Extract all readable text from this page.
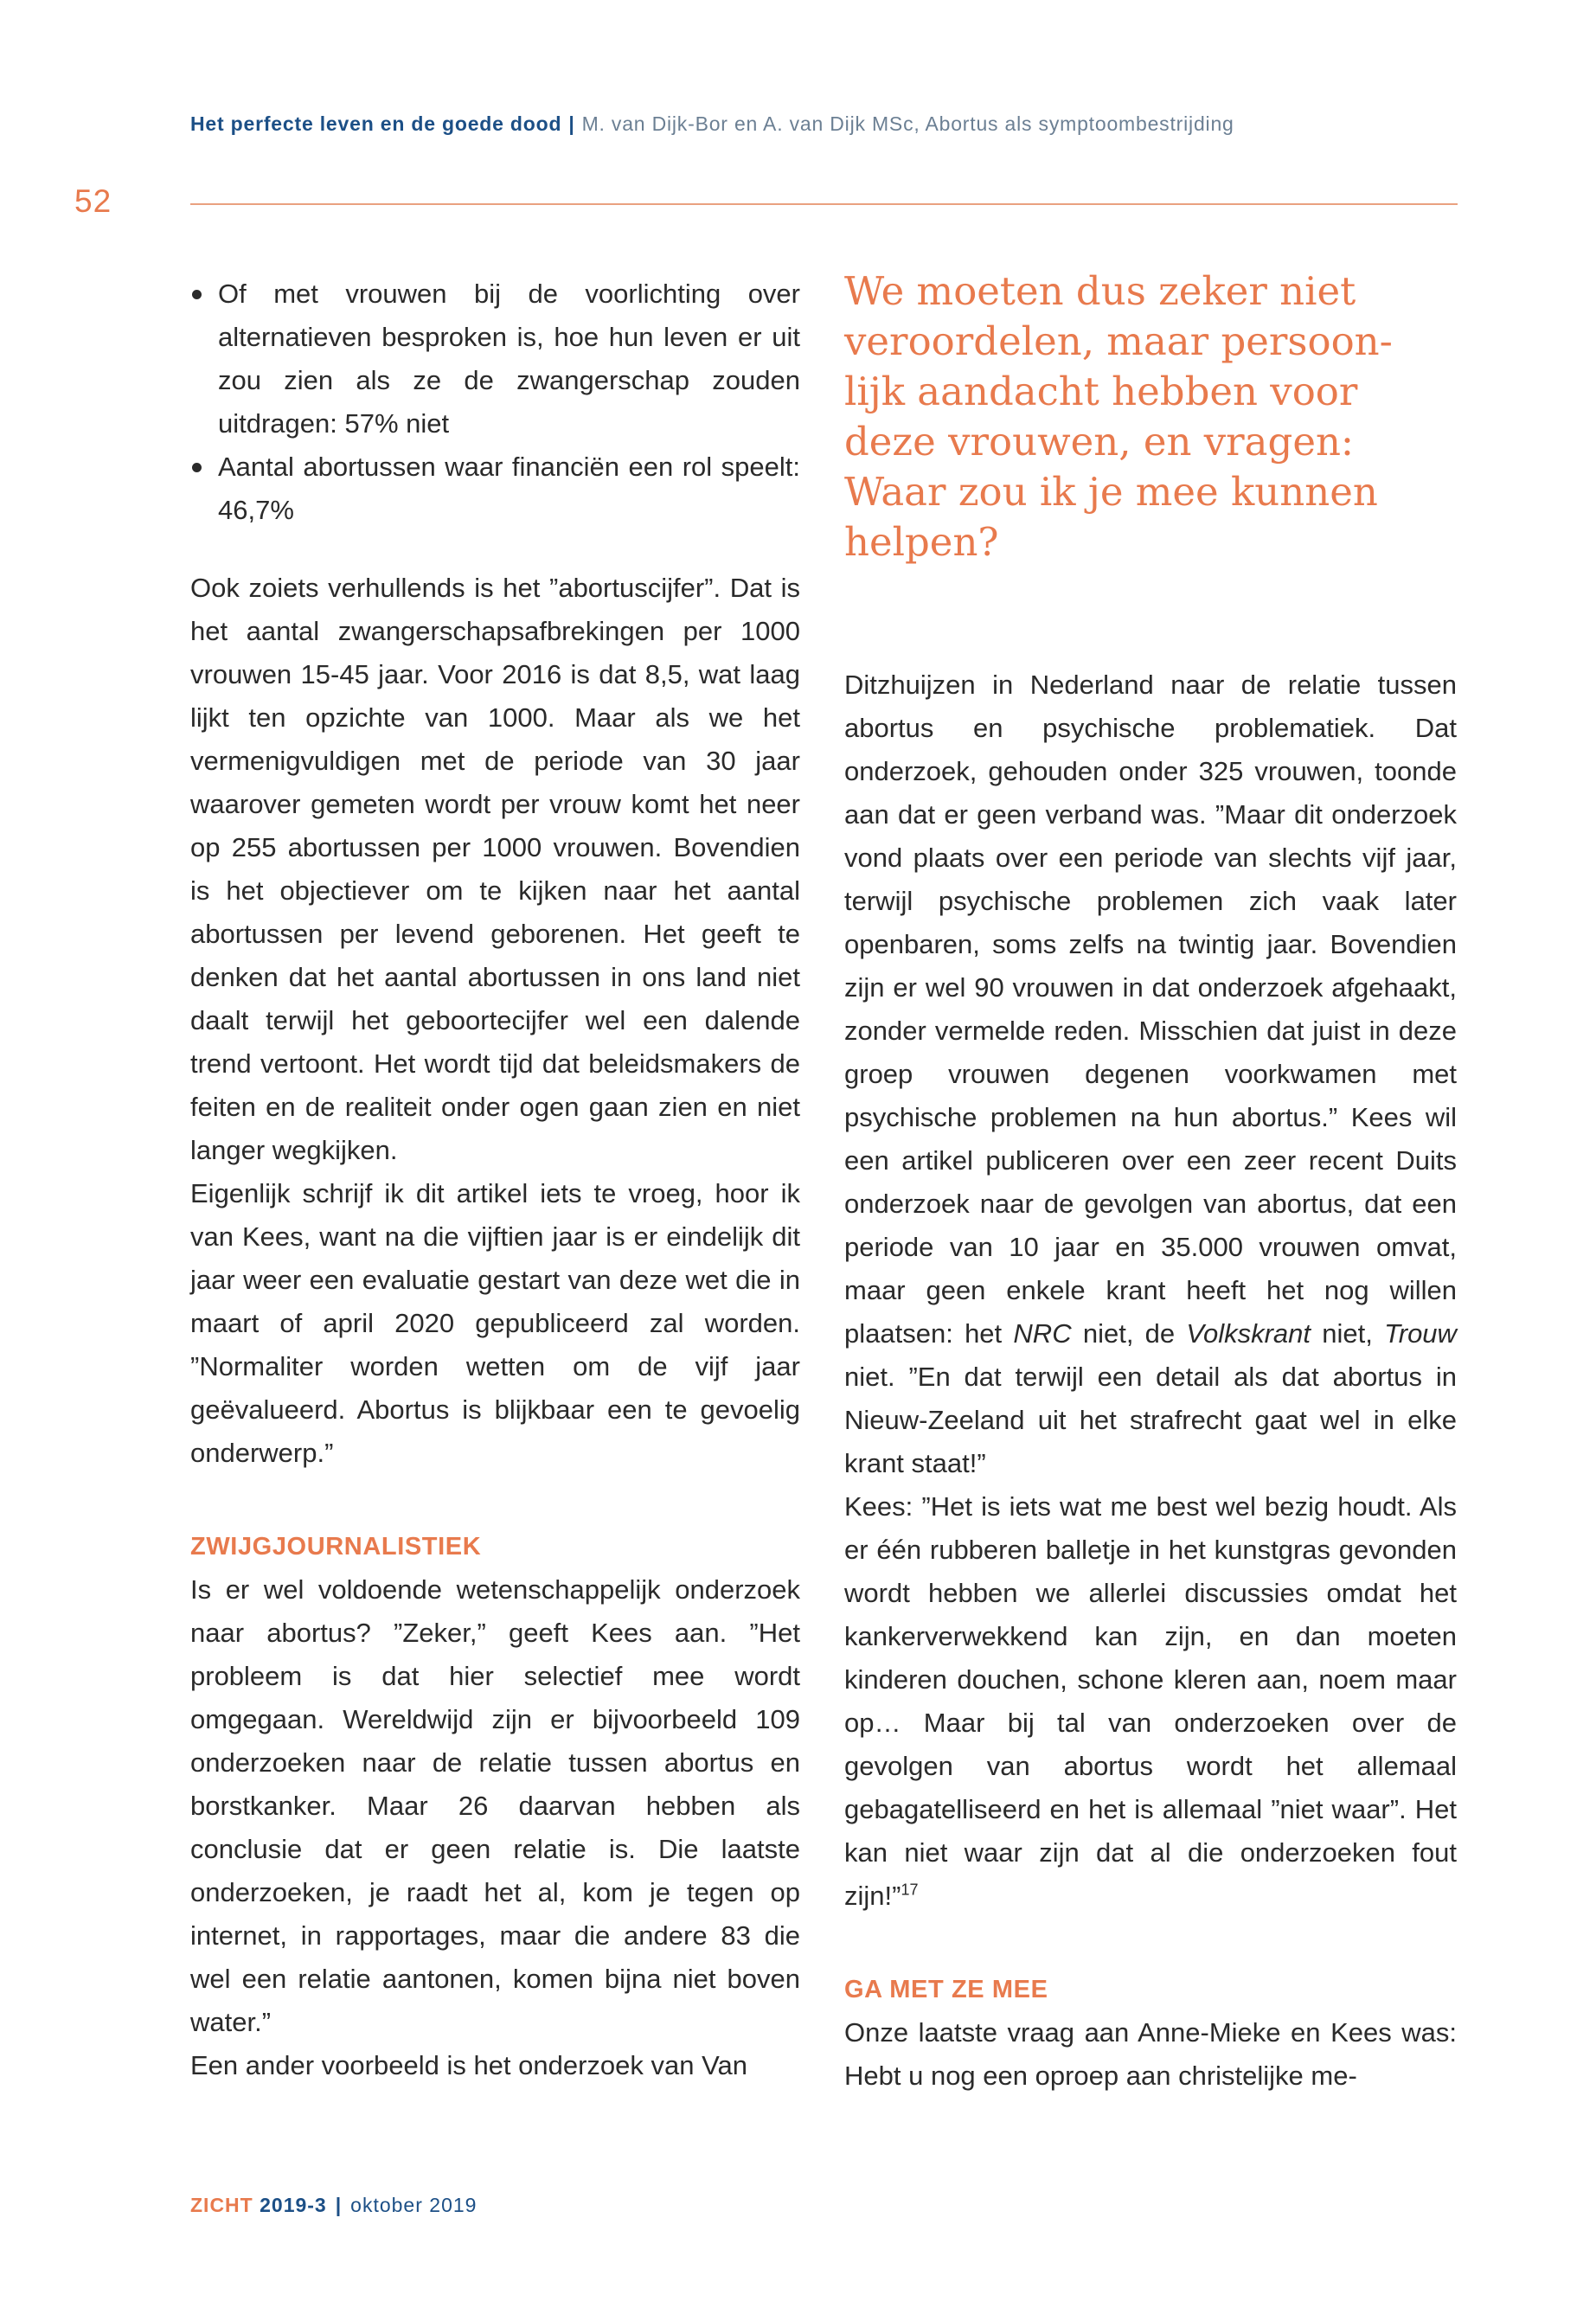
Het perfecte leven en de goede dood | M. van Dijk-Bor en A. van Dijk MSc, Abortus als symptoombestrijding
52
We moeten dus zeker niet
veroordelen, maar persoon-
lijk aandacht hebben voor
deze vrouwen, en vragen:
Waar zou ik je mee kunnen
helpen?
Of met vrouwen bij de voorlichting over alternatieven besproken is, hoe hun leven er uit zou zien als ze de zwangerschap zouden uitdragen: 57% niet
Aantal abortussen waar financiën een rol speelt: 46,7%

Ook zoiets verhullends is het ”abortuscijfer”. Dat is het aantal zwangerschapsafbrekingen per 1000 vrouwen 15-45 jaar. Voor 2016 is dat 8,5, wat laag lijkt ten opzichte van 1000. Maar als we het vermenigvuldigen met de periode van 30 jaar waarover gemeten wordt per vrouw komt het neer op 255 abortussen per 1000 vrouwen. Bovendien is het objectiever om te kijken naar het aantal abortussen per levend geborenen. Het geeft te denken dat het aantal abortussen in ons land niet daalt terwijl het geboortecijfer wel een dalende trend vertoont. Het wordt tijd dat beleidsmakers de feiten en de realiteit onder ogen gaan zien en niet langer wegkijken.

Eigenlijk schrijf ik dit artikel iets te vroeg, hoor ik van Kees, want na die vijftien jaar is er eindelijk dit jaar weer een evaluatie gestart van deze wet die in maart of april 2020 gepubliceerd zal worden. ”Normaliter worden wetten om de vijf jaar geëvalueerd. Abortus is blijkbaar een te gevoelig onderwerp.”

ZWIJGJOURNALISTIEK

Is er wel voldoende wetenschappelijk onderzoek naar abortus? ”Zeker,” geeft Kees aan. ”Het probleem is dat hier selectief mee wordt omgegaan. Wereldwijd zijn er bijvoorbeeld 109 onderzoeken naar de relatie tussen abortus en borstkanker. Maar 26 daarvan hebben als conclusie dat er geen relatie is. Die laatste onderzoeken, je raadt het al, kom je tegen op internet, in rapportages, maar die andere 83 die wel een relatie aantonen, komen bijna niet boven water.”

Een ander voorbeeld is het onderzoek van Van

Ditzhuijzen in Nederland naar de relatie tussen abortus en psychische problematiek. Dat onderzoek, gehouden onder 325 vrouwen, toonde aan dat er geen verband was. ”Maar dit onderzoek vond plaats over een periode van slechts vijf jaar, terwijl psychische problemen zich vaak later openbaren, soms zelfs na twintig jaar. Bovendien zijn er wel 90 vrouwen in dat onderzoek afgehaakt, zonder vermelde reden. Misschien dat juist in deze groep vrouwen degenen voorkwamen met psychische problemen na hun abortus.” Kees wil een artikel publiceren over een zeer recent Duits onderzoek naar de gevolgen van abortus, dat een periode van 10 jaar en 35.000 vrouwen omvat, maar geen enkele krant heeft het nog willen plaatsen: het NRC niet, de Volkskrant niet, Trouw niet. ”En dat terwijl een detail als dat abortus in Nieuw-Zeeland uit het strafrecht gaat wel in elke krant staat!”

Kees: ”Het is iets wat me best wel bezig houdt. Als er één rubberen balletje in het kunstgras gevonden wordt hebben we allerlei discussies omdat het kankerverwekkend kan zijn, en dan moeten kinderen douchen, schone kleren aan, noem maar op… Maar bij tal van onderzoeken over de gevolgen van abortus wordt het allemaal gebagatelliseerd en het is allemaal ”niet waar”. Het kan niet waar zijn dat al die onderzoeken fout zijn!”$^{17}$

GA MET ZE MEE

Onze laatste vraag aan Anne-Mieke en Kees was: Hebt u nog een oproep aan christelijke me-

ZICHT 2019-3 | oktober 2019
